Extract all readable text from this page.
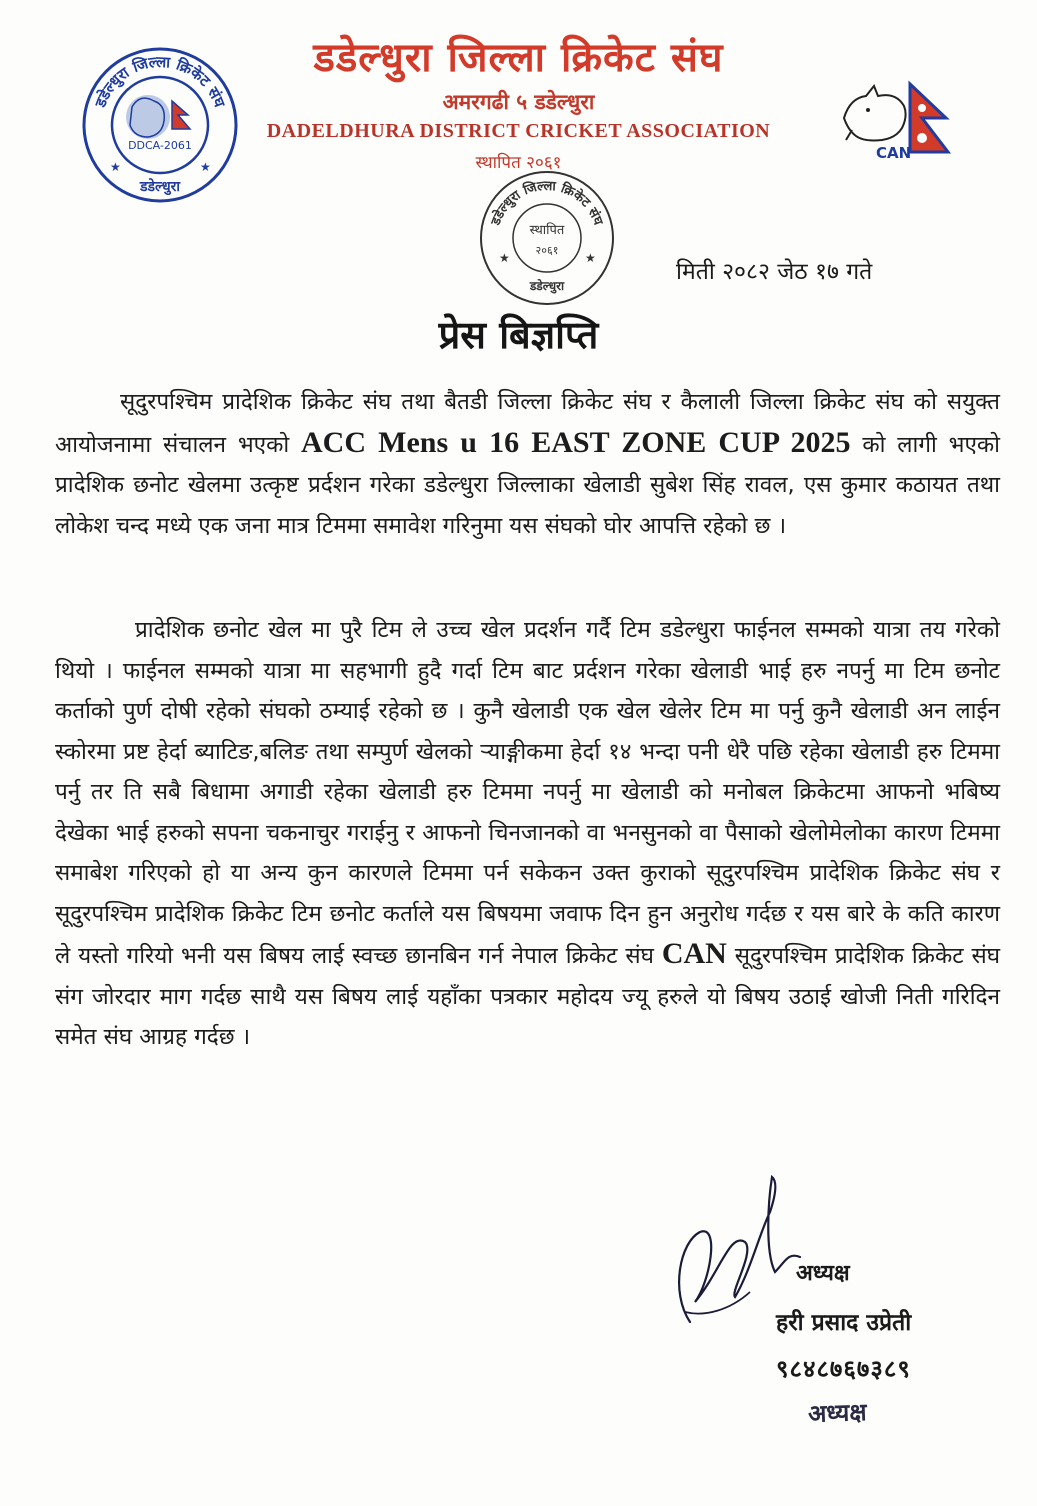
डडेल्धुरा जिल्ला क्रिकेट संघ
अमरगढी ५ डडेल्धुरा
DADELDHURA DISTRICT CRICKET ASSOCIATION
स्थापित २०६१
डडेल्धुरा जिल्ला क्रिकेट संघ
DDCA-2061
★	★
डडेल्धुरा
CAN
डडेल्धुरा जिल्ला क्रिकेट संघ
स्थापित
२०६१
★	★
डडेल्धुरा
मिती २०८२ जेठ १७ गते
प्रेस बिज्ञप्ति
सूदुरपश्चिम प्रादेशिक क्रिकेट संघ तथा बैतडी जिल्ला क्रिकेट संघ र कैलाली जिल्ला क्रिकेट संघ को सयुक्त आयोजनामा संचालन भएको ACC Mens u 16 EAST ZONE CUP 2025 को लागी भएको प्रादेशिक छनोट खेलमा उत्कृष्ट प्रर्दशन गरेका डडेल्धुरा जिल्लाका खेलाडी सुबेश सिंह रावल, एस कुमार कठायत तथा लोकेश चन्द मध्ये एक जना मात्र टिममा समावेश गरिनुमा यस संघको घोर आपत्ति रहेको छ ।
प्रादेशिक छनोट खेल मा पुरै टिम ले उच्च खेल प्रदर्शन गर्दै टिम डडेल्धुरा फाईनल सम्मको यात्रा तय गरेको थियो । फाईनल सम्मको यात्रा मा सहभागी हुदै गर्दा टिम बाट प्रर्दशन गरेका खेलाडी भाई हरु नपर्नु मा टिम छनोट कर्ताको पुर्ण दोषी रहेको संघको ठम्याई रहेको छ । कुनै खेलाडी एक खेल खेलेर टिम मा पर्नु कुनै खेलाडी अन लाईन स्कोरमा प्रष्ट हेर्दा ब्याटिङ,बलिङ तथा सम्पुर्ण खेलको र्‍याङ्गीकमा हेर्दा १४ भन्दा पनी धेरै पछि रहेका खेलाडी हरु टिममा पर्नु तर ति सबै बिधामा अगाडी रहेका खेलाडी हरु टिममा नपर्नु मा खेलाडी को मनोबल क्रिकेटमा आफनो भबिष्य देखेका भाई हरुको सपना चकनाचुर गराईनु र आफनो चिनजानको वा भनसुनको वा पैसाको खेलोमेलोका कारण टिममा समाबेश गरिएको हो या अन्य कुन कारणले टिममा पर्न सकेकन उक्त कुराको सूदुरपश्चिम प्रादेशिक क्रिकेट संघ र सूदुरपश्चिम प्रादेशिक क्रिकेट टिम छनोट कर्ताले यस बिषयमा जवाफ दिन हुन अनुरोध गर्दछ र यस बारे के कति कारण ले यस्तो गरियो भनी यस बिषय लाई स्वच्छ छानबिन गर्न नेपाल क्रिकेट संघ CAN सूदुरपश्चिम प्रादेशिक क्रिकेट संघ संग जोरदार माग गर्दछ साथै यस बिषय लाई यहाँका पत्रकार महोदय ज्यू हरुले यो बिषय उठाई खोजी निती गरिदिन समेत संघ आग्रह गर्दछ ।
अध्यक्ष
हरी प्रसाद उप्रेती
९८४८७६७३८९
अध्यक्ष
